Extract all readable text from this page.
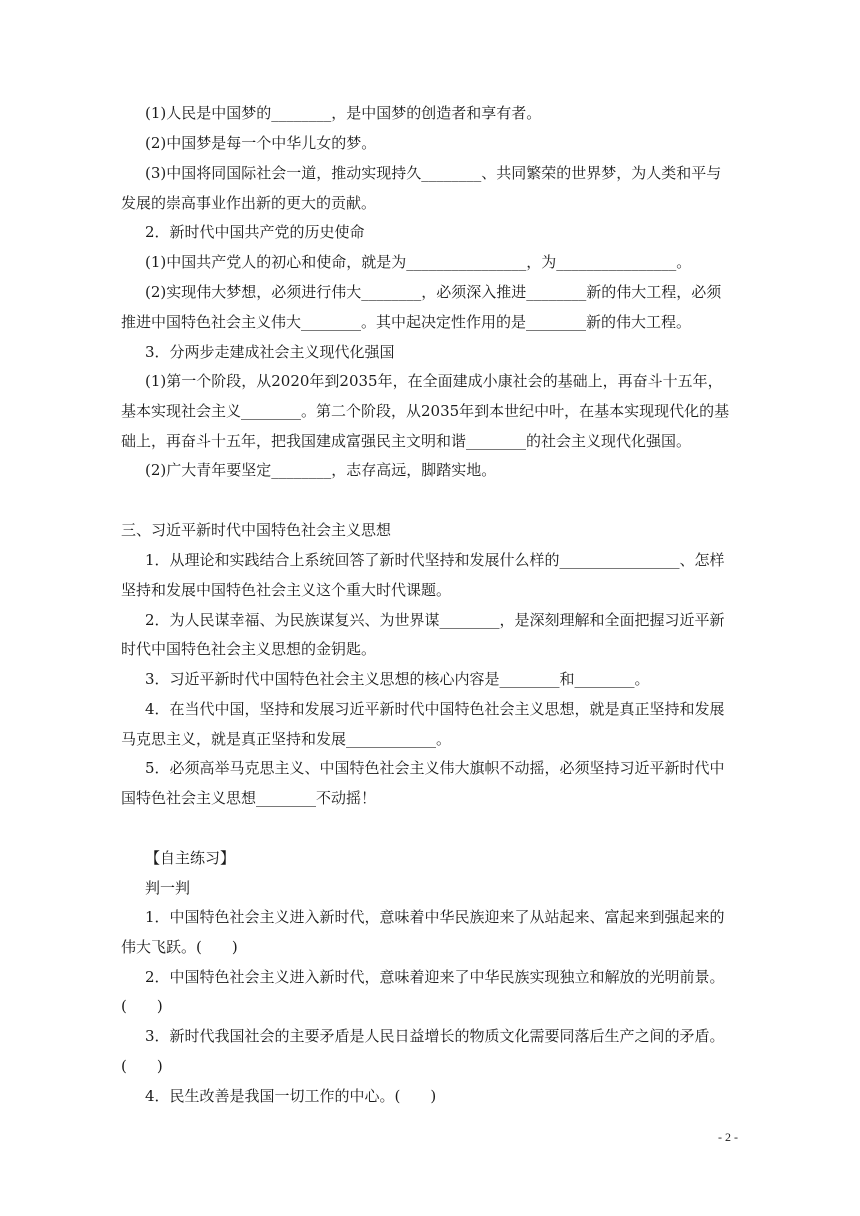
(1)人民是中国梦的________，是中国梦的创造者和享有者。
(2)中国梦是每一个中华儿女的梦。
(3)中国将同国际社会一道，推动实现持久________、共同繁荣的世界梦，为人类和平与
发展的崇高事业作出新的更大的贡献。
2．新时代中国共产党的历史使命
(1)中国共产党人的初心和使命，就是为________________，为________________。
(2)实现伟大梦想，必须进行伟大________，必须深入推进________新的伟大工程，必须
推进中国特色社会主义伟大________。其中起决定性作用的是________新的伟大工程。
3．分两步走建成社会主义现代化强国
(1)第一个阶段，从2020年到2035年，在全面建成小康社会的基础上，再奋斗十五年，
基本实现社会主义________。第二个阶段，从2035年到本世纪中叶，在基本实现现代化的基
础上，再奋斗十五年，把我国建成富强民主文明和谐________的社会主义现代化强国。
(2)广大青年要坚定________，志存高远，脚踏实地。
三、习近平新时代中国特色社会主义思想
1．从理论和实践结合上系统回答了新时代坚持和发展什么样的________________、怎样
坚持和发展中国特色社会主义这个重大时代课题。
2．为人民谋幸福、为民族谋复兴、为世界谋________，是深刻理解和全面把握习近平新
时代中国特色社会主义思想的金钥匙。
3．习近平新时代中国特色社会主义思想的核心内容是________和________。
4．在当代中国，坚持和发展习近平新时代中国特色社会主义思想，就是真正坚持和发展
马克思主义，就是真正坚持和发展____________。
5．必须高举马克思主义、中国特色社会主义伟大旗帜不动摇，必须坚持习近平新时代中
国特色社会主义思想________不动摇！
【自主练习】
判一判
1．中国特色社会主义进入新时代，意味着中华民族迎来了从站起来、富起来到强起来的
伟大飞跃。(　　)
2．中国特色社会主义进入新时代，意味着迎来了中华民族实现独立和解放的光明前景。
(　　)
3．新时代我国社会的主要矛盾是人民日益增长的物质文化需要同落后生产之间的矛盾。
(　　)
4．民生改善是我国一切工作的中心。(　　)
- 2 -
